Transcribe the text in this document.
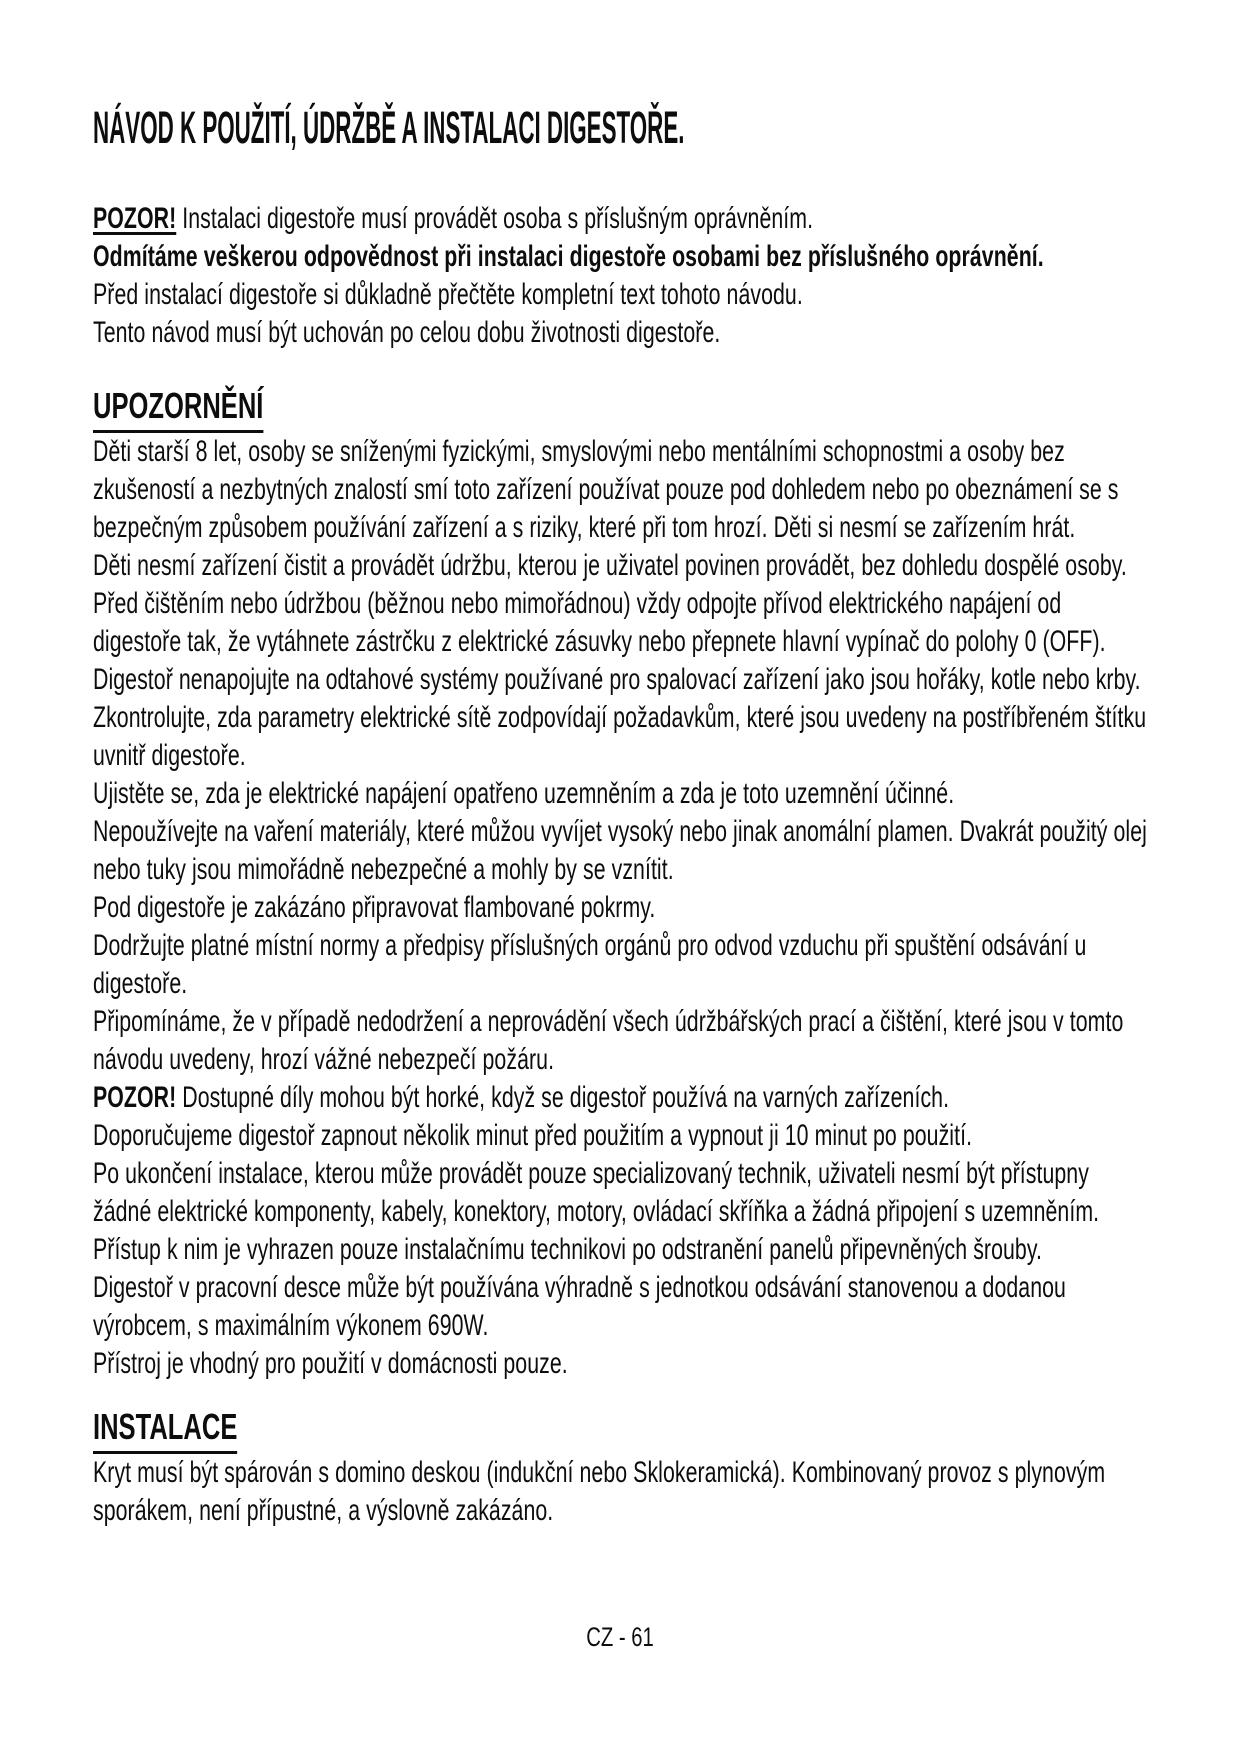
NÁVOD K POUŽITÍ, ÚDRŽBĚ A INSTALACI DIGESTOŘE.

POZOR! Instalaci digestoře musí provádět osoba s příslušným oprávněním.

Odmítáme veškerou odpovědnost při instalaci digestoře osobami bez příslušného oprávnění.

Před instalací digestoře si důkladně přečtěte kompletní text tohoto návodu.

Tento návod musí být uchován po celou dobu životnosti digestoře.

UPOZORNĚNÍ

Děti starší 8 let, osoby se sníženými fyzickými, smyslovými nebo mentálními schopnostmi a osoby bez zkušeností a nezbytných znalostí smí toto zařízení používat pouze pod dohledem nebo po obeznámení se s bezpečným způsobem používání zařízení a s riziky, které při tom hrozí. Děti si nesmí se zařízením hrát.

Děti nesmí zařízení čistit a provádět údržbu, kterou je uživatel povinen provádět, bez dohledu dospělé osoby.

Před čištěním nebo údržbou (běžnou nebo mimořádnou) vždy odpojte přívod elektrického napájení od digestoře tak, že vytáhnete zástrčku z elektrické zásuvky nebo přepnete hlavní vypínač do polohy 0 (OFF).

Digestoř nenapojujte na odtahové systémy používané pro spalovací zařízení jako jsou hořáky, kotle nebo krby.

Zkontrolujte, zda parametry elektrické sítě zodpovídají požadavkům, které jsou uvedeny na postříbřeném štítku uvnitř digestoře.

Ujistěte se, zda je elektrické napájení opatřeno uzemněním a zda je toto uzemnění účinné.

Nepoužívejte na vaření materiály, které můžou vyvíjet vysoký nebo jinak anomální plamen. Dvakrát použitý olej nebo tuky jsou mimořádně nebezpečné a mohly by se vznítit.

Pod digestoře je zakázáno připravovat flambované pokrmy.

Dodržujte platné místní normy a předpisy příslušných orgánů pro odvod vzduchu při spuštění odsávání u digestoře.

Připomínáme, že v případě nedodržení a neprovádění všech údržbářských prací a čištění, které jsou v tomto návodu uvedeny, hrozí vážné nebezpečí požáru.

POZOR! Dostupné díly mohou být horké, když se digestoř používá na varných zařízeních.

Doporučujeme digestoř zapnout několik minut před použitím a vypnout ji 10 minut po použití.

Po ukončení instalace, kterou může provádět pouze specializovaný technik, uživateli nesmí být přístupny žádné elektrické komponenty, kabely, konektory, motory, ovládací skříňka a žádná připojení s uzemněním.

Přístup k nim je vyhrazen pouze instalačnímu technikovi po odstranění panelů připevněných šrouby.

Digestoř v pracovní desce může být používána výhradně s jednotkou odsávání stanovenou a dodanou výrobcem, s maximálním výkonem 690W.

Přístroj je vhodný pro použití v domácnosti pouze.

INSTALACE

Kryt musí být spárován s domino deskou (indukční nebo Sklokeramická). Kombinovaný provoz s plynovým sporákem, není přípustné, a výslovně zakázáno.

CZ - 61
